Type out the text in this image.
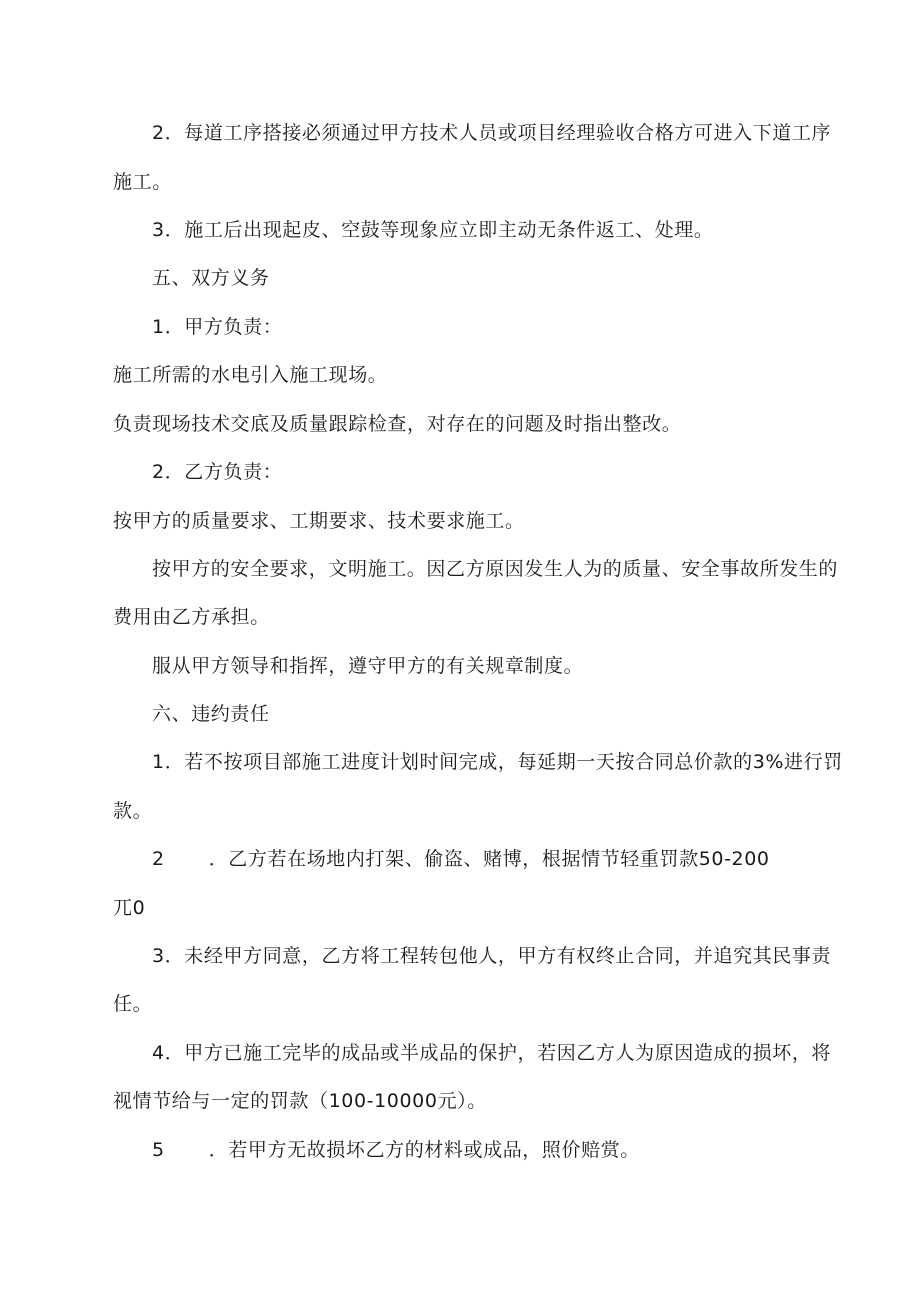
2．每道工序搭接必须通过甲方技术人员或项目经理验收合格方可进入下道工序
施工。
3．施工后出现起皮、空鼓等现象应立即主动无条件返工、处理。
五、双方义务
1．甲方负责：
施工所需的水电引入施工现场。
负责现场技术交底及质量跟踪检查，对存在的问题及时指出整改。
2．乙方负责：
按甲方的质量要求、工期要求、技术要求施工。
按甲方的安全要求，文明施工。因乙方原因发生人为的质量、安全事故所发生的
费用由乙方承担。
服从甲方领导和指挥，遵守甲方的有关规章制度。
六、违约责任
1．若不按项目部施工进度计划时间完成，每延期一天按合同总价款的3%进行罚
款。
2 ．乙方若在场地内打架、偷盗、赌博，根据情节轻重罚款50-200
兀0
3．未经甲方同意，乙方将工程转包他人，甲方有权终止合同，并追究其民事责
任。
4．甲方已施工完毕的成品或半成品的保护，若因乙方人为原因造成的损坏，将
视情节给与一定的罚款（100-10000元）。
5 ．若甲方无故损坏乙方的材料或成品，照价赔赏。
